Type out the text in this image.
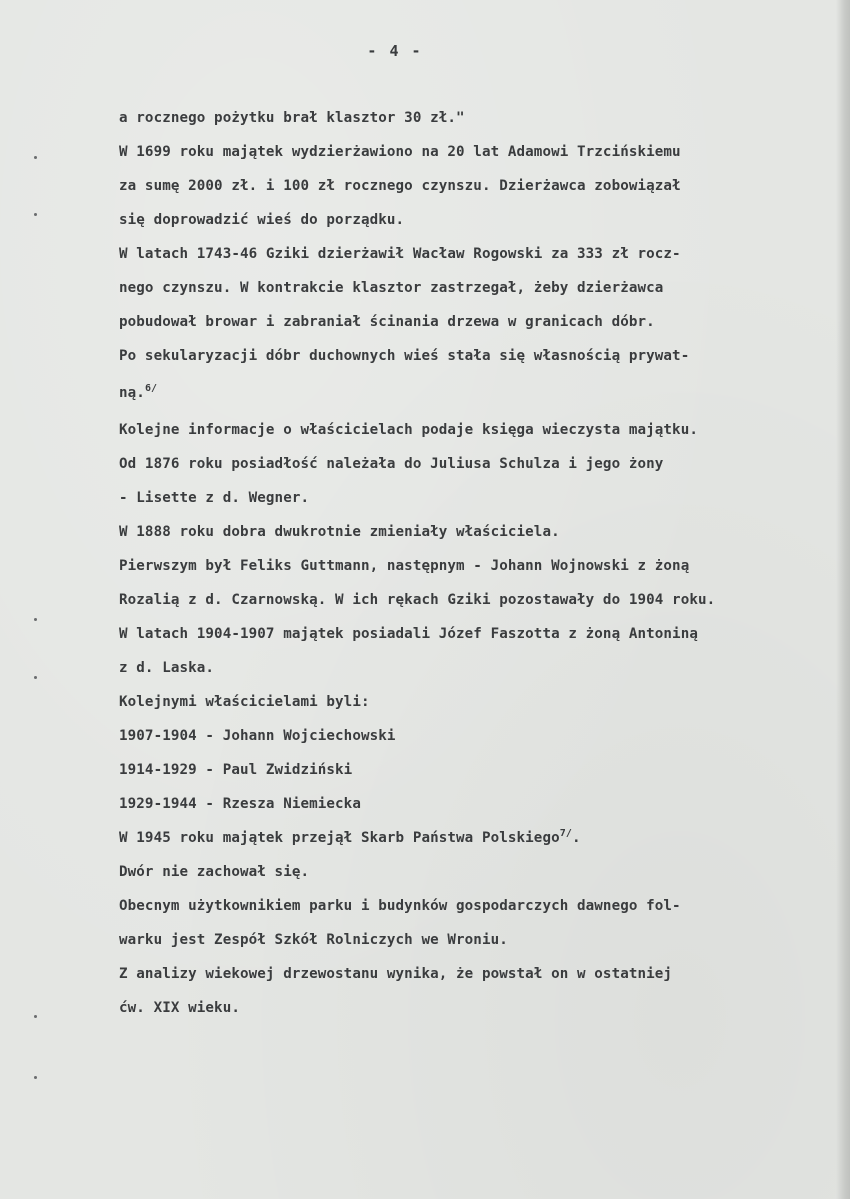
- 4 -
a rocznego pożytku brał klasztor 30 zł."
W 1699 roku majątek wydzierżawiono na 20 lat Adamowi Trzcińskiemu
za sumę 2000 zł. i 100 zł rocznego czynszu. Dzierżawca zobowiązał
się doprowadzić wieś do porządku.
W latach 1743-46 Gziki dzierżawił Wacław Rogowski za 333 zł rocz-
nego czynszu. W kontrakcie klasztor zastrzegał, żeby dzierżawca
pobudował browar i zabraniał ścinania drzewa w granicach dóbr.
Po sekularyzacji dóbr duchownych wieś stała się własnością prywat-
ną.$^{6/}$
Kolejne informacje o właścicielach podaje księga wieczysta majątku.
Od 1876 roku posiadłość należała do Juliusa Schulza i jego żony
- Lisette z d. Wegner.
W 1888 roku dobra dwukrotnie zmieniały właściciela.
Pierwszym był Feliks Guttmann, następnym - Johann Wojnowski z żoną
Rozalią z d. Czarnowską. W ich rękach Gziki pozostawały do 1904 roku.
W latach 1904-1907 majątek posiadali Józef Faszotta z żoną Antoniną
z d. Laska.
Kolejnymi właścicielami byli:
1907-1904 - Johann Wojciechowski
1914-1929 - Paul Zwidziński
1929-1944 - Rzesza Niemiecka
W 1945 roku majątek przejął Skarb Państwa Polskiego$^{7/}$.
Dwór nie zachował się.
Obecnym użytkownikiem parku i budynków gospodarczych dawnego fol-
warku jest Zespół Szkół Rolniczych we Wroniu.
Z analizy wiekowej drzewostanu wynika, że powstał on w ostatniej
ćw. XIX wieku.
